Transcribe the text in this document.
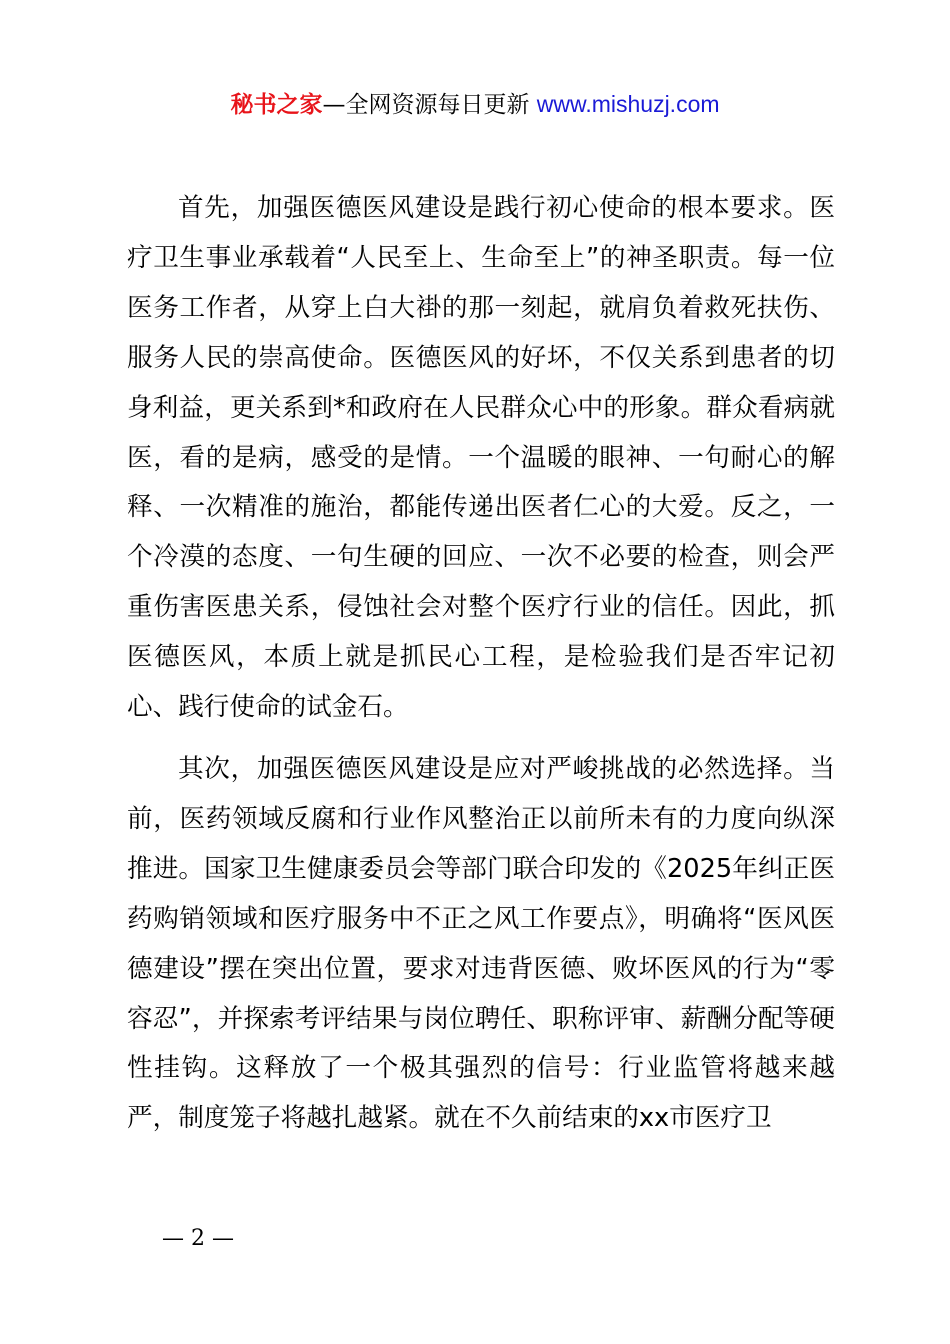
秘书之家—全网资源每日更新 www.mishuzj.com

首先，加强医德医风建设是践行初心使命的根本要求。医疗卫生事业承载着“人民至上、生命至上”的神圣职责。每一位医务工作者，从穿上白大褂的那一刻起，就肩负着救死扶伤、服务人民的崇高使命。医德医风的好坏，不仅关系到患者的切身利益，更关系到*和政府在人民群众心中的形象。群众看病就医，看的是病，感受的是情。一个温暖的眼神、一句耐心的解释、一次精准的施治，都能传递出医者仁心的大爱。反之，一个冷漠的态度、一句生硬的回应、一次不必要的检查，则会严重伤害医患关系，侵蚀社会对整个医疗行业的信任。因此，抓医德医风，本质上就是抓民心工程，是检验我们是否牢记初心、践行使命的试金石。

其次，加强医德医风建设是应对严峻挑战的必然选择。当前，医药领域反腐和行业作风整治正以前所未有的力度向纵深推进。国家卫生健康委员会等部门联合印发的《2025年纠正医药购销领域和医疗服务中不正之风工作要点》，明确将“医风医德建设”摆在突出位置，要求对违背医德、败坏医风的行为“零容忍”，并探索考评结果与岗位聘任、职称评审、薪酬分配等硬性挂钩。这释放了一个极其强烈的信号：行业监管将越来越严，制度笼子将越扎越紧。就在不久前结束的xx市医疗卫

— 2 —
